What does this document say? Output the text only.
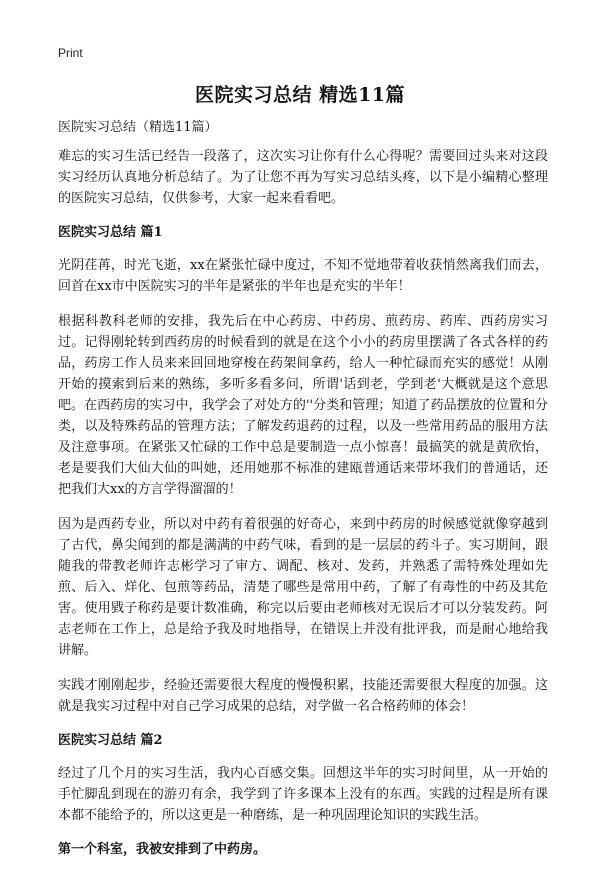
Print
医院实习总结 精选11篇
医院实习总结（精选11篇）
难忘的实习生活已经告一段落了，这次实习让你有什么心得呢？需要回过头来对这段实习经历认真地分析总结了。为了让您不再为写实习总结头疼，以下是小编精心整理的医院实习总结，仅供参考，大家一起来看看吧。
医院实习总结 篇1
光阴荏苒，时光飞逝，xx在紧张忙碌中度过，不知不觉地带着收获悄然离我们而去，回首在xx市中医院实习的半年是紧张的半年也是充实的半年！
根据科教科老师的安排，我先后在中心药房、中药房、煎药房、药库、西药房实习过。记得刚轮转到西药房的时候看到的就是在这个小小的药房里摆满了各式各样的药品，药房工作人员来来回回地穿梭在药架间拿药，给人一种忙碌而充实的感觉！从刚开始的摸索到后来的熟练，多听多看多问，所谓'话到老，学到老'大概就是这个意思吧。在西药房的实习中，我学会了对处方的''分类和管理；知道了药品摆放的位置和分类，以及特殊药品的管理方法；了解发药退药的过程，以及一些常用药品的服用方法及注意事项。在紧张又忙碌的工作中总是要制造一点小惊喜！最搞笑的就是黄欣怡，老是要我们大仙大仙的叫她，还用她那不标准的建瓯普通话来带坏我们的普通话，还把我们大xx的方言学得溜溜的！
因为是西药专业，所以对中药有着很强的好奇心，来到中药房的时候感觉就像穿越到了古代，鼻尖闻到的都是满满的中药气味，看到的是一层层的药斗子。实习期间，跟随我的带教老师许志彬学习了审方、调配、核对、发药，并熟悉了需特殊处理如先煎、后入、烊化、包煎等药品，清楚了哪些是常用中药，了解了有毒性的中药及其危害。使用戥子称药是要计数准确，称完以后要由老师核对无误后才可以分装发药。阿志老师在工作上，总是给予我及时地指导，在错误上并没有批评我，而是耐心地给我讲解。
实践才刚刚起步，经验还需要很大程度的慢慢积累，技能还需要很大程度的加强。这就是我实习过程中对自己学习成果的总结，对学做一名合格药师的体会！
医院实习总结 篇2
经过了几个月的实习生活，我内心百感交集。回想这半年的实习时间里，从一开始的手忙脚乱到现在的游刃有余，我学到了许多课本上没有的东西。实践的过程是所有课本都不能给予的，所以这更是一种磨练，是一种巩固理论知识的实践生活。
第一个科室，我被安排到了中药房。
